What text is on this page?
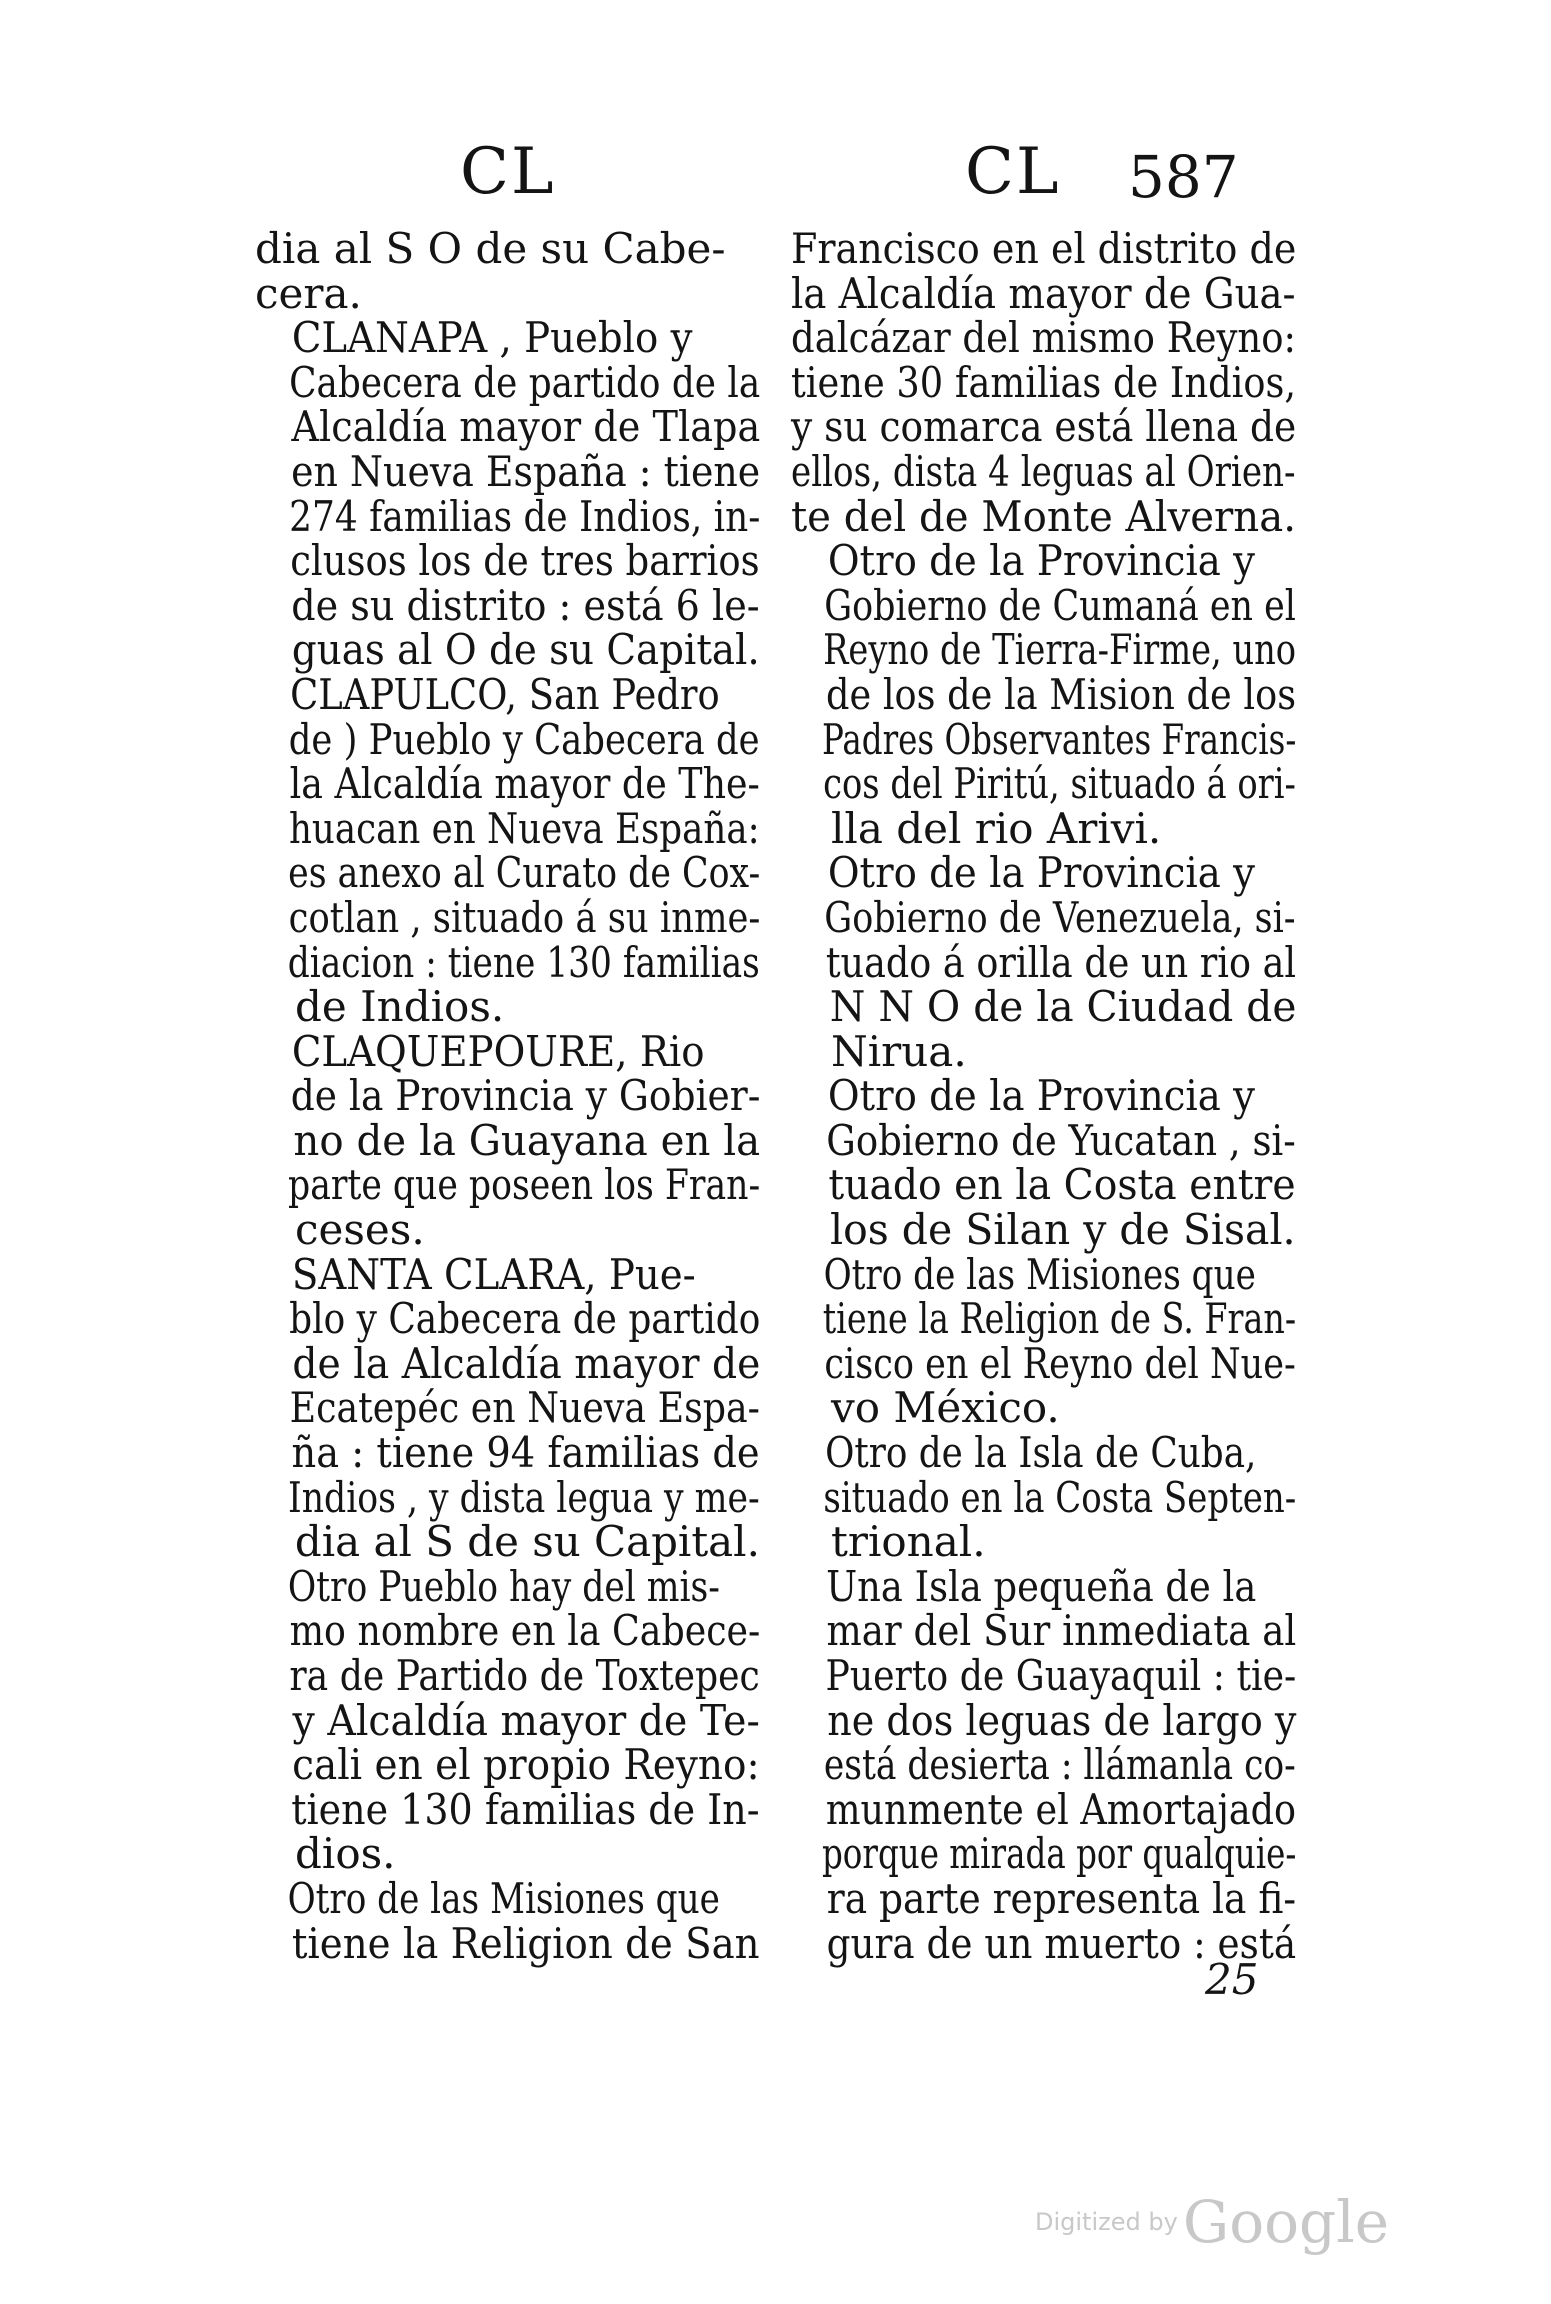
CL	CL 587

dia al S O de su Cabe-
cera.

CLANAPA , Pueblo y
Cabecera de partido de la
Alcaldía mayor de Tlapa
en Nueva España : tiene
274 familias de Indios, in-
clusos los de tres barrios
de su distrito : está 6 le-
guas al O de su Capital.

CLAPULCO, San Pedro
de ) Pueblo y Cabecera de
la Alcaldía mayor de The-
huacan en Nueva España:
es anexo al Curato de Cox-
cotlan , situado á su inme-
diacion : tiene 130 familias
de Indios.

CLAQUEPOURE, Rio
de la Provincia y Gobier-
no de la Guayana en la
parte que poseen los Fran-
ceses.

SANTA CLARA, Pue-
blo y Cabecera de partido
de la Alcaldía mayor de
Ecatepéc en Nueva Espa-
ña : tiene 94 familias de
Indios , y dista legua y me-
dia al S de su Capital.

Otro Pueblo hay del mis-
mo nombre en la Cabece-
ra de Partido de Toxtepec
y Alcaldía mayor de Te-
cali en el propio Reyno:
tiene 130 familias de In-
dios.

Otro de las Misiones que
tiene la Religion de San

Francisco en el distrito de
la Alcaldía mayor de Gua-
dalcázar del mismo Reyno:
tiene 30 familias de Indios,
y su comarca está llena de
ellos, dista 4 leguas al Orien-
te del de Monte Alverna.

Otro de la Provincia y
Gobierno de Cumaná en el
Reyno de Tierra-Firme, uno
de los de la Mision de los
Padres Observantes Francis-
cos del Piritú, situado á ori-
lla del rio Arivi.

Otro de la Provincia y
Gobierno de Venezuela, si-
tuado á orilla de un rio al
N N O de la Ciudad de
Nirua.

Otro de la Provincia y
Gobierno de Yucatan , si-
tuado en la Costa entre
los de Silan y de Sisal.

Otro de las Misiones que
tiene la Religion de S. Fran-
cisco en el Reyno del Nue-
vo México.

Otro de la Isla de Cuba,
situado en la Costa Septen-
trional.

Una Isla pequeña de la
mar del Sur inmediata al
Puerto de Guayaquil : tie-
ne dos leguas de largo y
está desierta : llámanla co-
munmente el Amortajado
porque mirada por qualquie-
ra parte representa la fi-
gura de un muerto : está

25
Digitized by Google
